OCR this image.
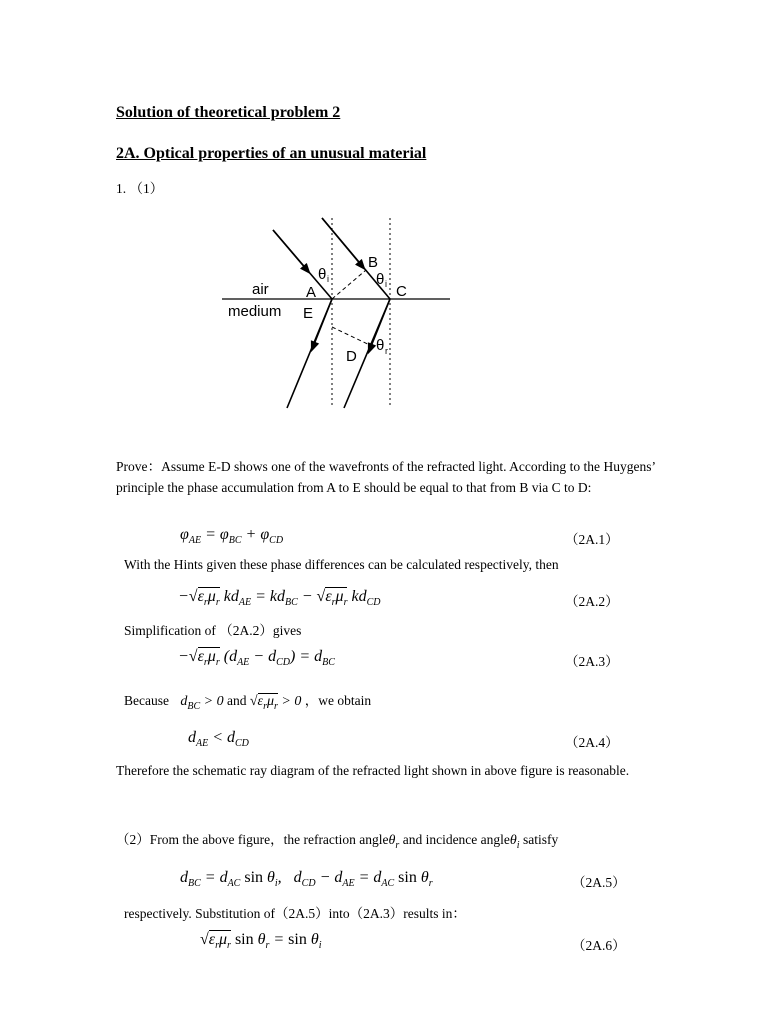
Solution of theoretical problem 2
2A. Optical properties of an unusual material
1. （1）
air
medium
A
E
B
C
D
θ i	θ i
θ r
Prove：Assume E-D shows one of the wavefronts of the refracted light. According to the Huygens’ principle the phase accumulation from A to E should be equal to that from B via C to D:
$\varphi_{AE} = \varphi_{BC} + \varphi_{CD}$	（2A.1）
With the Hints given these phase differences can be calculated respectively, then
$-√\varepsilon_r\mu_r$ $kd_{AE} = kd_{BC} - √\varepsilon_r\mu_r$ $kd_{CD}$	（2A.2）
Simplification of （2A.2）gives
$-√\varepsilon_r\mu_r$ $(d_{AE} - d_{CD}) = d_{BC}$	（2A.3）
Because $d_{BC} > 0$ and $√\varepsilon_r\mu_r > 0$ ，we obtain
$d_{AE} < d_{CD}$	（2A.4）
Therefore the schematic ray diagram of the refracted light shown in above figure is reasonable.
（2）From the above figure，the refraction angleθ$_r$ and incidence angleθ$_i$ satisfy
$d_{BC} = d_{AC}$ $\sin \theta_i$,   $d_{CD} - d_{AE} = d_{AC}$ $\sin \theta_r$	（2A.5）
respectively. Substitution of（2A.5）into（2A.3）results in：
$√\varepsilon_r\mu_r$ $\sin \theta_r = \sin \theta_i$	（2A.6）
